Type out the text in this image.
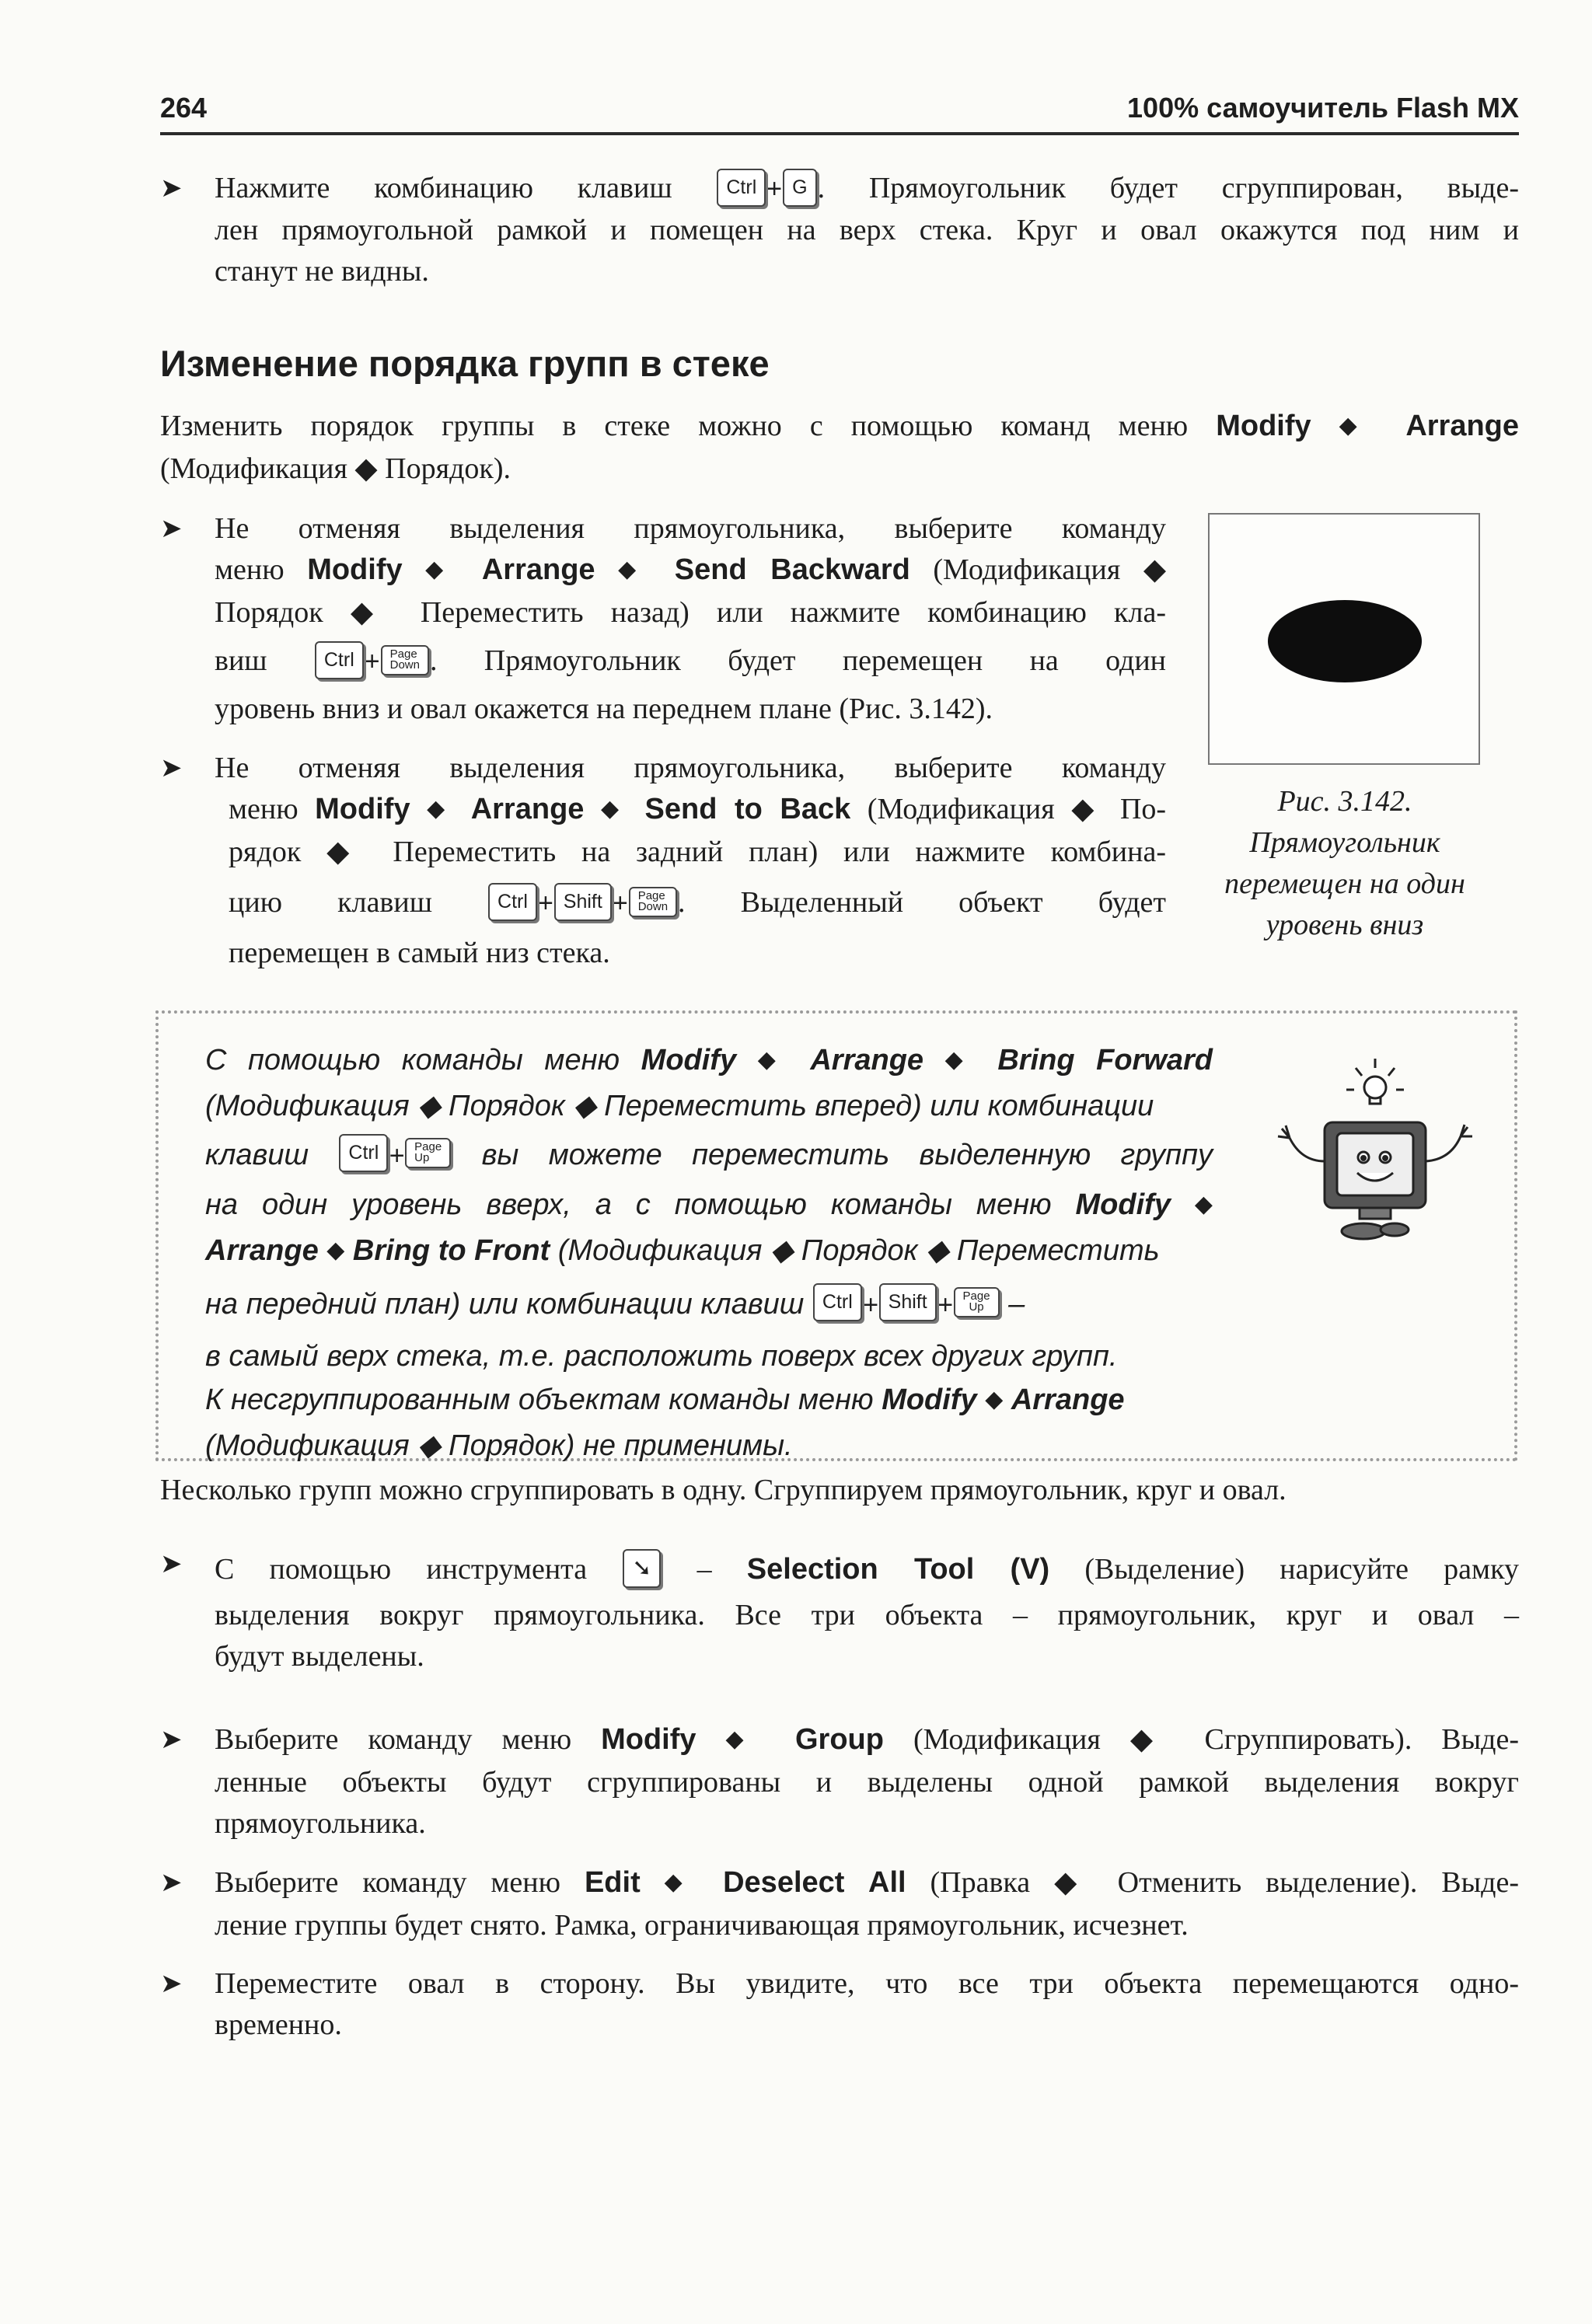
264	100% самоучитель Flash MX
➤ Нажмите комбинацию клавиш	Ctrl + G . Прямоугольник будет сгруппирован, выде-
лен прямоугольной рамкой и помещен на верх стека. Круг и овал окажутся под ним и
станут не видны.
Изменение порядка групп в стеке
Изменить порядок группы в стеке можно с помощью команд меню Modify ◆ Arrange
(Модификация ◆ Порядок).
➤ Не отменяя выделения прямоугольника, выберите команду
меню Modify ◆ Arrange ◆ Send Backward (Модификация ◆
Порядок ◆ Переместить назад) или нажмите комбинацию кла-
виш	Ctrl + Page
Down . Прямоугольник будет перемещен на один
уровень вниз и овал окажется на переднем плане (Рис. 3.142).
➤ Не отменяя выделения прямоугольника, выберите команду
меню Modify ◆ Arrange ◆ Send to Back (Модификация ◆ По-
рядок ◆ Переместить на задний план) или нажмите комбина-
цию клавиш	Ctrl + Shift + Page
Down . Выделенный объект будет
перемещен в самый низ стека.
Рис. 3.142.
Прямоугольник
перемещен на один
уровень вниз
С помощью команды меню Modify ◆ Arrange ◆ Bring Forward
(Модификация ◆ Порядок ◆ Переместить вперед) или комбинации
клавиш Ctrl + Page
Up вы можете переместить выделенную группу
на один уровень вверх, а с помощью команды меню Modify ◆
Arrange ◆ Bring to Front (Модификация ◆ Порядок ◆ Переместить
на передний план) или комбинации клавиш Ctrl + Shift + Page
Up –
в самый верх стека, т.е. расположить поверх всех других групп.
К несгруппированным объектам команды меню Modify ◆ Arrange
(Модификация ◆ Порядок) не применимы.
Несколько групп можно сгруппировать в одну. Сгруппируем прямоугольник, круг и овал.
➤ С помощью инструмента ➘ – Selection Tool (V) (Выделение) нарисуйте рамку
выделения вокруг прямоугольника. Все три объекта – прямоугольник, круг и овал –
будут выделены.
➤ Выберите команду меню Modify ◆ Group (Модификация ◆ Сгруппировать). Выде-
ленные объекты будут сгруппированы и выделены одной рамкой выделения вокруг
прямоугольника.
➤ Выберите команду меню Edit ◆ Deselect All (Правка ◆ Отменить выделение). Выде-
ление группы будет снято. Рамка, ограничивающая прямоугольник, исчезнет.
➤ Переместите овал в сторону. Вы увидите, что все три объекта перемещаются одно-
временно.
